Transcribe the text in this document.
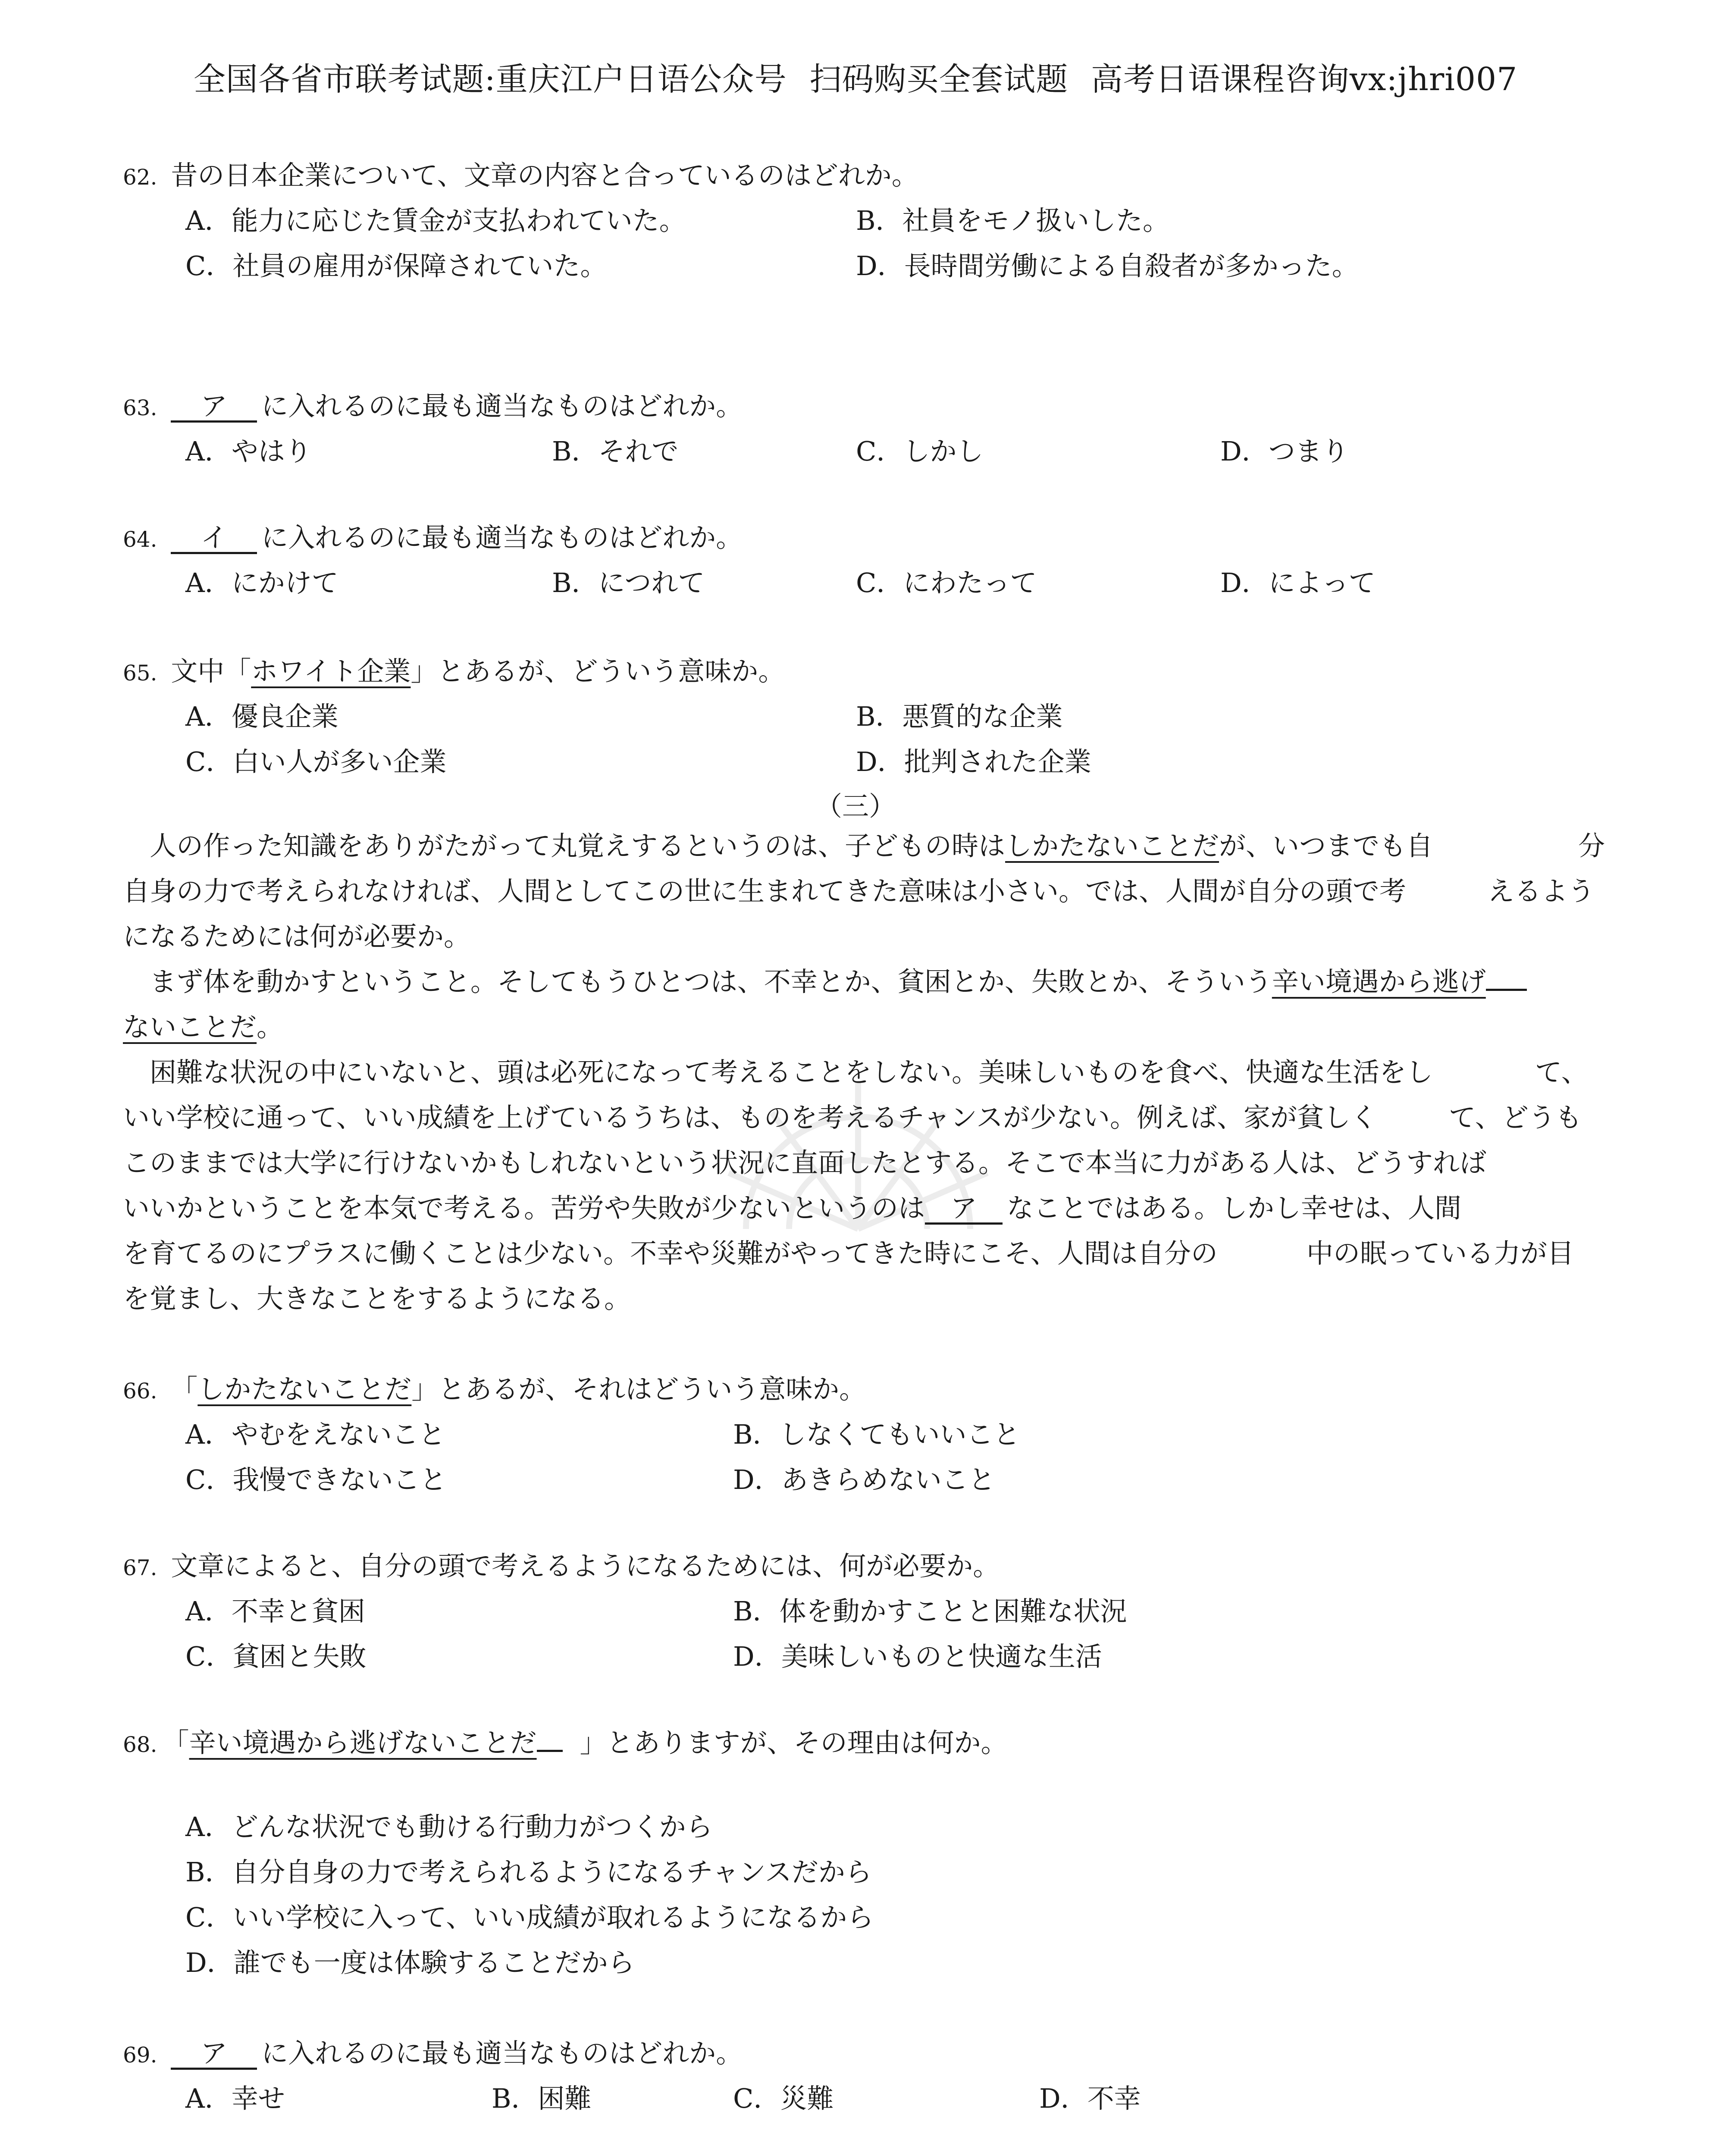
全国各省市联考试题:重庆江户日语公众号 扫码购买全套试题 高考日语课程咨询vx:jhri007
62. 昔の日本企業について、文章の内容と合っているのはどれか。
A．能力に応じた賃金が支払われていた。	B．社員をモノ扱いした。
C．社員の雇用が保障されていた。	D．長時間労働による自殺者が多かった。
63. ア に入れるのに最も適当なものはどれか。
A．やはり	B．それで	C．しかし	D．つまり
64. イ に入れるのに最も適当なものはどれか。
A．にかけて	B．につれて	C．にわたって	D．によって
65. 文中「ホワイト企業」とあるが、どういう意味か。
A．優良企業	B．悪質的な企業
C．白い人が多い企業	D．批判された企業
（三）
　人の作った知識をありがたがって丸覚えするというのは、子どもの時はしかたないことだが、いつまでも自	分
自身の力で考えられなければ、人間としてこの世に生まれてきた意味は小さい。では、人間が自分の頭で考	えるよう
になるためには何が必要か。
　まず体を動かすということ。そしてもうひとつは、不幸とか、貧困とか、失敗とか、そういう辛い境遇から逃げ
ないことだ。
　困難な状況の中にいないと、頭は必死になって考えることをしない。美味しいものを食べ、快適な生活をし	て、
いい学校に通って、いい成績を上げているうちは、ものを考えるチャンスが少ない。例えば、家が貧しく	て、どうも
このままでは大学に行けないかもしれないという状況に直面したとする。そこで本当に力がある人は、どうすれば
いいかということを本気で考える。苦労や失敗が少ないというのは ア なことではある。しかし幸せは、人間
を育てるのにプラスに働くことは少ない。不幸や災難がやってきた時にこそ、人間は自分の	中の眠っている力が目
を覚まし、大きなことをするようになる。
66. 「しかたないことだ」とあるが、それはどういう意味か。
A．やむをえないこと	B．しなくてもいいこと
C．我慢できないこと	D．あきらめないこと
67. 文章によると、自分の頭で考えるようになるためには、何が必要か。
A．不幸と貧困	B．体を動かすことと困難な状況
C．貧困と失敗	D．美味しいものと快適な生活
68. 「辛い境遇から逃げないことだ 」とありますが、その理由は何か。
A．どんな状況でも動ける行動力がつくから
B．自分自身の力で考えられるようになるチャンスだから
C．いい学校に入って、いい成績が取れるようになるから
D．誰でも一度は体験することだから
69. ア に入れるのに最も適当なものはどれか。
A．幸せ	B．困難	C．災難	D．不幸
